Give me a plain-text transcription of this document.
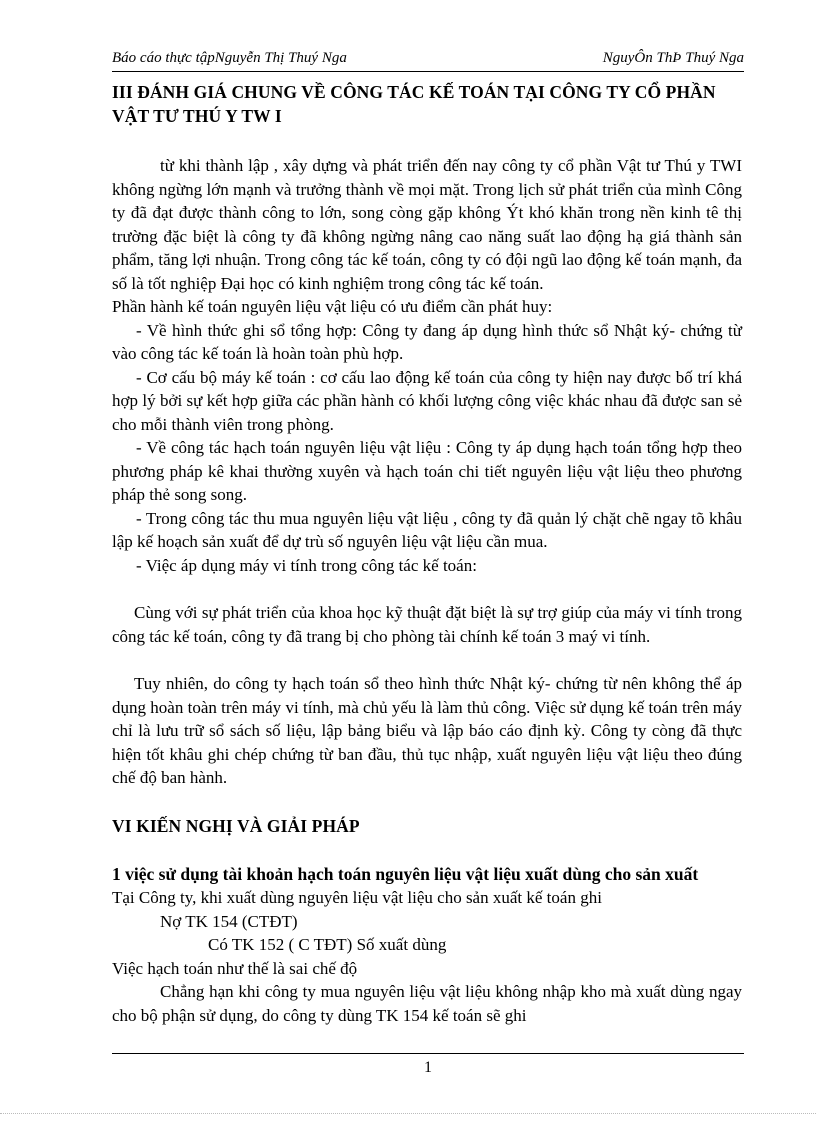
Báo cáo thực tậpNguyễn Thị Thuý Nga	NguyÔn ThÞ Thuý Nga

III ĐÁNH GIÁ CHUNG VỀ CÔNG TÁC KẾ TOÁN TẠI CÔNG TY CỔ PHẦN VẬT TƯ THÚ Y TW I

từ khi thành lập , xây dựng và phát triển đến nay công ty cổ phần Vật tư Thú y TWI không ngừng lớn mạnh và trưởng thành về mọi mặt. Trong lịch sử phát triển của mình Công ty đã đạt được thành công to lớn, song còng gặp không Ýt khó khăn trong nền kinh tê thị trường đặc biệt là công ty đã không ngừng nâng cao năng suất lao động hạ giá thành sản phẩm, tăng lợi nhuận. Trong công tác kế toán, công ty có đội ngũ lao động kế toán mạnh, đa số là tốt nghiệp Đại học có kinh nghiệm trong công tác kế toán.

Phần hành kế toán nguyên liệu vật liệu có ưu điểm cần phát huy:

- Về hình thức ghi sổ tổng hợp: Công ty đang áp dụng hình thức sổ Nhật ký- chứng từ vào công tác kế toán là hoàn toàn phù hợp.

- Cơ cấu bộ máy kế toán : cơ cấu lao động kế toán của công ty hiện nay được bố trí khá hợp lý bởi sự kết hợp giữa các phần hành có khối lượng công việc khác nhau đã được san sẻ cho mỗi thành viên trong phòng.

- Về công tác hạch toán nguyên liệu vật liệu : Công ty áp dụng hạch toán tổng hợp theo phương pháp kê khai thường xuyên và hạch toán chi tiết nguyên liệu vật liệu theo phương pháp thẻ song song.

- Trong công tác thu mua nguyên liệu vật liệu , công ty đã quản lý chặt chẽ ngay tõ khâu lập kế hoạch sản xuất để dự trù số nguyên liệu vật liệu cần mua.

- Việc áp dụng máy vi tính trong công tác kế toán:

Cùng với sự phát triển của khoa học kỹ thuật đặt biệt là sự trợ giúp của máy vi tính trong công tác kế toán, công ty đã trang bị cho phòng tài chính kế toán 3 maý vi tính.

Tuy nhiên, do công ty hạch toán sổ theo hình thức Nhật ký- chứng từ nên không thể áp dụng hoàn toàn trên máy vi tính, mà chủ yếu là làm thủ công. Việc sử dụng kế toán trên máy chỉ là lưu trữ sổ sách số liệu, lập bảng biểu và lập báo cáo định kỳ. Công ty còng đã thực hiện tốt khâu ghi chép chứng từ ban đầu, thủ tục nhập, xuất nguyên liệu vật liệu theo đúng chế độ ban hành.

VI KIẾN NGHỊ VÀ GIẢI PHÁP

1 việc sử dụng tài khoản hạch toán nguyên liệu vật liệu xuất dùng cho sản xuất

Tại Công ty, khi xuất dùng nguyên liệu vật liệu cho sản xuất kế toán ghi

Nợ TK 154 (CTĐT)

Có TK 152 ( C TĐT) Số xuất dùng

Việc hạch toán như thế là sai chế độ

Chẳng hạn khi công ty mua nguyên liệu vật liệu không nhập kho mà xuất dùng ngay cho bộ phận sử dụng, do công ty dùng TK 154 kế toán sẽ ghi

1
